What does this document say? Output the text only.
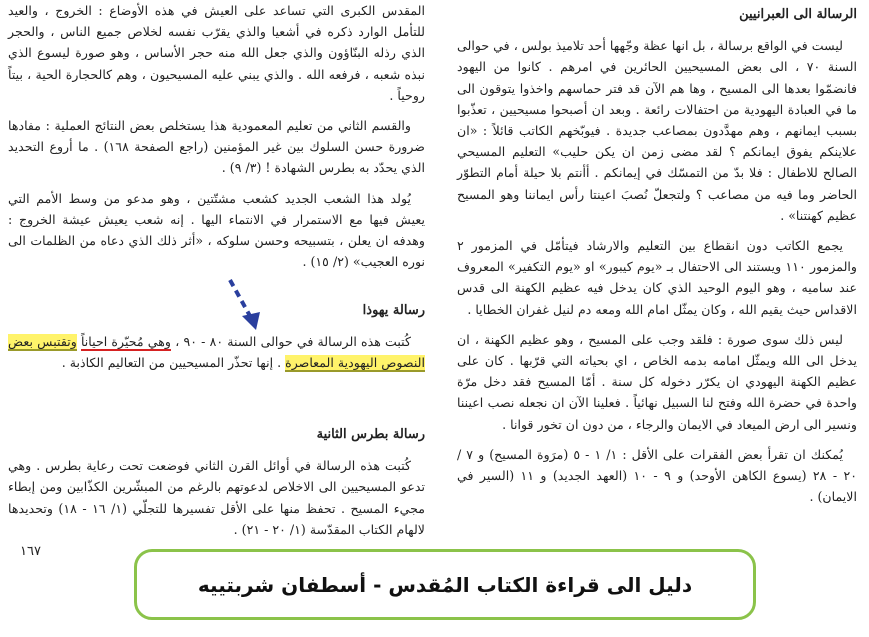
الرسالة الى العبرانيين

ليست في الواقع برسالة ، بل انها عظة وجّهها أحد تلاميذ بولس ، في حوالى السنة ٧٠ ، الى بعض المسيحيين الحائرين في امرهم . كانوا من اليهود فانضمّوا بعدها الى المسيح ، وها هم الآن قد فتر حماسهم واخذوا يتوقون الى ما في العبادة اليهودية من احتفالات رائعة . وبعد ان أصبحوا مسيحيين ، تعذّبوا بسبب ايمانهم ، وهم مهدَّدون بمصاعب جديدة . فيوبّخهم الكاتب قائلاً : «ان علاينكم يفوق ايمانكم ؟ لقد مضى زمن ان يكن حليب» التعليم المسيحي الصالح للاطفال : فلا بدّ من التمسّك في إيمانكم . أأنتم بلا حيلة أمام التطوّر الحاضر وما فيه من مصاعب ؟ ولتجعلّ نُصبَ اعينتا رأس ايماننا وهو المسيح عظيم كهنتنا» .

يجمع الكاتب دون انقطاع بين التعليم والارشاد فيتأمّل في المزمور ٢ والمزمور ١١٠ ويستند الى الاحتفال بـ «يوم كيبور» او «يوم التكفير» المعروف عند ساميه ، وهو اليوم الوحيد الذي كان يدخل فيه عظيم الكهنة الى قدس الاقداس حيث يقيم الله ، وكان يمثّل امام الله ومعه دم لنيل غفران الخطايا .

ليس ذلك سوى صورة : فلقد وجب على المسيح ، وهو عظيم الكهنة ، ان يدخل الى الله ويمثّل امامه بدمه الخاص ، اي بحياته التي قرّبها . كان على عظيم الكهنة اليهودي ان يكرّر دخوله كل سنة . أمّا المسيح فقد دخل مرّة واحدة في حضرة الله وفتح لنا السبيل نهائياً . فعلينا الآن ان نجعله نصب اعيننا ونسير الى ارض الميعاد في الايمان والرجاء ، من دون ان تخور قوانا .

يُمكنك ان تقرأ بعض الفقرات على الأقل : ١/ ١ - ٥ (مرَوة المسيح) و ٧ / ٢٠ - ٢٨ (يسوع الكاهن الأوحد) و ٩ - ١٠ (العهد الجديد) و ١١ (السير في الايمان) .

المقدس الكبرى التي تساعد على العيش في هذه الأوضاع : الخروج ، والعيد للتأمل الوارد ذكره في أشعيا والذي يقرّب نفسه لخلاص جميع الناس ، والحجر الذي رذله البنّاؤون والذي جعل الله منه حجر الأساس ، وهو صورة ليسوع الذي نبذه شعبه ، فرفعه الله . والذي يبني عليه المسيحيون ، وهم كالحجارة الحية ، بيتاً روحياً .

والقسم الثاني من تعليم المعمودية هذا يستخلص بعض النتائج العملية : مفادها ضرورة حسن السلوك بين غير المؤمنين (راجع الصفحة ١٦٨) . ما أروع التحديد الذي يحدّد به بطرس الشهادة ! (٣/ ٩) .

يُولد هذا الشعب الجديد كشعب مشتّتين ، وهو مدعو من وسط الأمم التي يعيش فيها مع الاستمرار في الانتماء اليها . إنه شعب يعيش عيشة الخروج : وهدفه ان يعلن ، بتسبيحه وحسن سلوكه ، «أثر ذلك الذي دعاه من الظلمات الى نوره العجيب» (٢/ ١٥) .

رسالة يهوذا

كُتبت هذه الرسالة في حوالى السنة ٨٠ - ٩٠ ، وهي مُحيّرة احياناً وتقتبس بعض النصوص اليهودية المعاصرة . إنها تحذّر المسيحيين من التعاليم الكاذبة .

رسالة بطرس الثانية

كُتبت هذه الرسالة في أوائل القرن الثاني فوضعت تحت رعاية بطرس . وهي تدعو المسيحيين الى الاخلاص لدعوتهم بالرغم من المبشّرين الكذّابين ومن إبطاء مجيء المسيح . تحفظ منها على الأقل تفسيرها للتجلّي (١/ ١٦ - ١٨) وتحديدها لالهام الكتاب المقدّسة (١/ ٢٠ - ٢١) .

١٦٧
دليل الى قراءة الكتاب المُقدس - أسطفان شربتييه
